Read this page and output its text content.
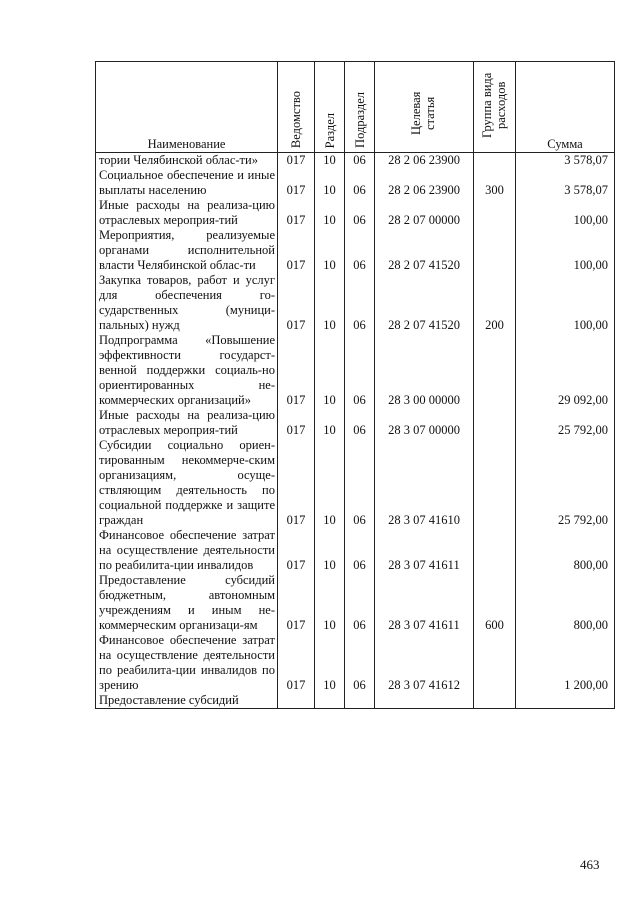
Наименование	Ведомство	Раздел	Подраздел	Целевая статья	Группа вида расходов	Сумма
тории Челябинской облас-ти»	017	10	06	28 2 06 23900		3 578,07
Социальное обеспечение и иные выплаты населению	017	10	06	28 2 06 23900	300	3 578,07
Иные расходы на реализа-цию отраслевых мероприя-тий	017	10	06	28 2 07 00000		100,00
Мероприятия, реализуемые органами исполнительной власти Челябинской облас-ти	017	10	06	28 2 07 41520		100,00
Закупка товаров, работ и услуг для обеспечения го-сударственных (муници-пальных) нужд	017	10	06	28 2 07 41520	200	100,00
Подпрограмма «Повышение эффективности государст-венной поддержки социаль-но ориентированных не-коммерческих организаций»	017	10	06	28 3 00 00000		29 092,00
Иные расходы на реализа-цию отраслевых мероприя-тий	017	10	06	28 3 07 00000		25 792,00
Субсидии социально ориен-тированным некоммерче-ским организациям, осуще-ствляющим деятельность по социальной поддержке и защите граждан	017	10	06	28 3 07 41610		25 792,00
Финансовое обеспечение затрат на осуществление деятельности по реабилита-ции инвалидов	017	10	06	28 3 07 41611		800,00
Предоставление субсидий бюджетным, автономным учреждениям и иным не-коммерческим организаци-ям	017	10	06	28 3 07 41611	600	800,00
Финансовое обеспечение затрат на осуществление деятельности по реабилита-ции инвалидов по зрению	017	10	06	28 3 07 41612		1 200,00
Предоставление субсидий						
463
